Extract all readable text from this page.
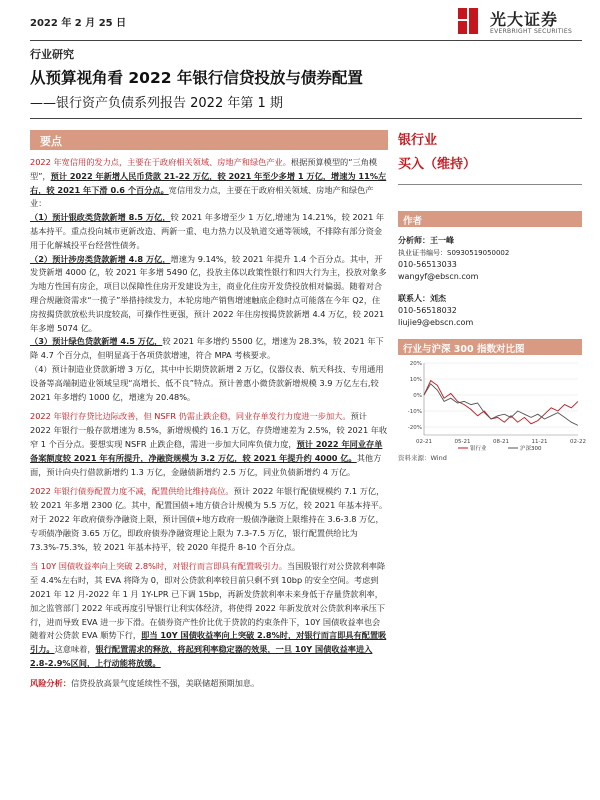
2022 年 2 月 25 日	光大证券
EVERBRIGHT SECURITIES
行业研究
从预算视角看 2022 年银行信贷投放与债券配置
——银行资产负债系列报告 2022 年第 1 期
要点

2022 年宽信用的发力点，主要在于政府相关领域、房地产和绿色产业。根据预算模型的“三角模型”，预计 2022 年新增人民币贷款 21-22 万亿，较 2021 年至少多增 1 万亿，增速为 11%左右，较 2021 年下滑 0.6 个百分点。宽信用发力点，主要在于政府相关领域、房地产和绿色产业：

（1）预计银政类贷款新增 8.5 万亿，较 2021 年多增至少 1 万亿,增速为 14.21%，较 2021 年基本持平。重点投向城市更新改造、两新一重、电力热力以及轨道交通等领域，不排除有部分资金用于化解城投平台经营性债务。

（2）预计涉房类贷款新增 4.8 万亿，增速为 9.14%，较 2021 年提升 1.4 个百分点。其中，开发贷新增 4000 亿，较 2021 年多增 5490 亿，投放主体以政策性银行和四大行为主，投放对象多为地方性国有房企，项目以保障性住房开发建设为主，商业化住房开发贷投放相对偏弱。随着对合理合规融资需求“一揽子”举措持续发力，本轮房地产销售增速触底企稳时点可能落在今年 Q2，住房按揭贷款放松共识度较高，可操作性更强，预计 2022 年住房按揭贷款新增 4.4 万亿，较 2021 年多增 5074 亿。

（3）预计绿色贷款新增 4.5 万亿，较 2021 年多增约 5500 亿，增速为 28.3%，较 2021 年下降 4.7 个百分点，但明显高于各项贷款增速，符合 MPA 考核要求。

（4）预计制造业贷款新增 3 万亿，其中中长期贷款新增 2 万亿，仪器仪表、航天科技、专用通用设备等高端制造业领域呈现“高增长、低不良”特点。预计普惠小微贷款新增规模 3.9 万亿左右,较 2021 年多增约 1000 亿，增速为 20.48%。

2022 年银行存贷比边际改善，但 NSFR 仍需止跌企稳，同业存单发行力度进一步加大。预计 2022 年银行一般存款增速为 8.5%，新增规模约 16.1 万亿，存贷增速差为 2.5%，较 2021 年收窄 1 个百分点。要想实现 NSFR 止跌企稳，需进一步加大同库负债力度，预计 2022 年同业存单备案额度较 2021 年有所提升，净融资规模为 3.2 万亿，较 2021 年提升约 4000 亿。其他方面，预计向央行借款新增约 1.3 万亿，金融债新增约 2.5 万亿，同业负债新增约 4 万亿。

2022 年银行债券配置力度不减，配置供给比维持高位。预计 2022 年银行配债规模约 7.1 万亿，较 2021 年多增 2300 亿。其中，配置国债+地方债合计规模为 5.5 万亿，较 2021 年基本持平。对于 2022 年政府债券净融资上限，预计国债+地方政府一般债净融资上限维持在 3.6-3.8 万亿，专项债净融资 3.65 万亿，即政府债券净融资理论上限为 7.3-7.5 万亿，银行配置供给比为 73.3%-75.3%，较 2021 年基本持平，较 2020 年提升 8-10 个百分点。

当 10Y 国债收益率向上突破 2.8%时，对银行而言即具有配置吸引力。当国股银行对公贷款利率降至 4.4%左右时，其 EVA 将降为 0，即对公贷款利率较目前只剩不到 10bp 的安全空间。考虑到 2021 年 12 月-2022 年 1 月 1Y-LPR 已下调 15bp，再新发贷款利率未来身低于存量贷款利率，加之监管部门 2022 年或再度引导银行让利实体经济，将使得 2022 年新发放对公贷款利率承压下行，进而导致 EVA 进一步下滑。在债券资产性价比优于贷款的约束条件下，10Y 国债收益率也会随着对公贷款 EVA 顺势下行，即当 10Y 国债收益率向上突破 2.8%时，对银行而言即具有配置吸引力。这意味着，银行配置需求的释放，将起到利率稳定器的效果，一旦 10Y 国债收益率进入 2.8-2.9%区间，上行动能将放缓。

风险分析：信贷投放高景气度延续性不强，美联储超预期加息。

银行业
买入（维持）
作者
分析师：王一峰
执业证书编号：S0930519050002
010-56513033
wangyf@ebscn.com
联系人：刘杰
010-56518032
liujie9@ebscn.com
行业与沪深 300 指数对比图
20%
10%
0%
-10%
-20%
02-21	05-21	08-21	11-21	02-22
银行业	沪深300
资料来源：Wind
